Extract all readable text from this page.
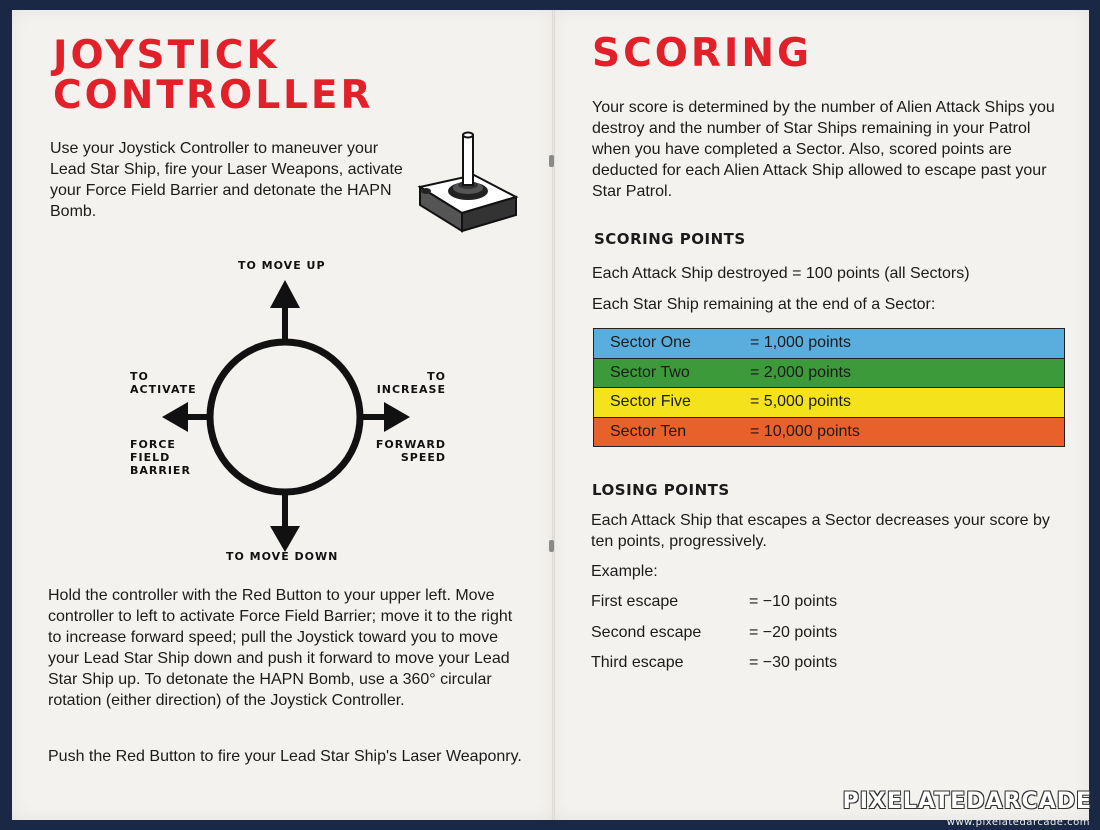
JOYSTICK
CONTROLLER

Use your Joystick Controller to maneuver your Lead Star Ship, fire your Laser Weapons, activate your Force Field Barrier and detonate the HAPN Bomb.

TO MOVE UP
TO
ACTIVATE
FORCE
FIELD
BARRIER
TO
INCREASE
FORWARD
SPEED
TO MOVE DOWN

Hold the controller with the Red Button to your upper left. Move controller to left to activate Force Field Barrier; move it to the right to increase forward speed; pull the Joystick toward you to move your Lead Star Ship down and push it forward to move your Lead Star Ship up. To detonate the HAPN Bomb, use a 360° circular rotation (either direction) of the Joystick Controller.

Push the Red Button to fire your Lead Star Ship's Laser Weaponry.

SCORING

Your score is determined by the number of Alien Attack Ships you destroy and the number of Star Ships remaining in your Patrol when you have completed a Sector. Also, scored points are deducted for each Alien Attack Ship allowed to escape past your Star Patrol.

SCORING POINTS

Each Attack Ship destroyed = 100 points (all Sectors)

Each Star Ship remaining at the end of a Sector:

Sector One	= 1,000 points
Sector Two	= 2,000 points
Sector Five	= 5,000 points
Sector Ten	= 10,000 points
LOSING POINTS

Each Attack Ship that escapes a Sector decreases your score by ten points, progressively.

Example:

First escape	= −10 points
Second escape	= −20 points
Third escape	= −30 points
PIXELATEDARCADE
www.pixelatedarcade.com
